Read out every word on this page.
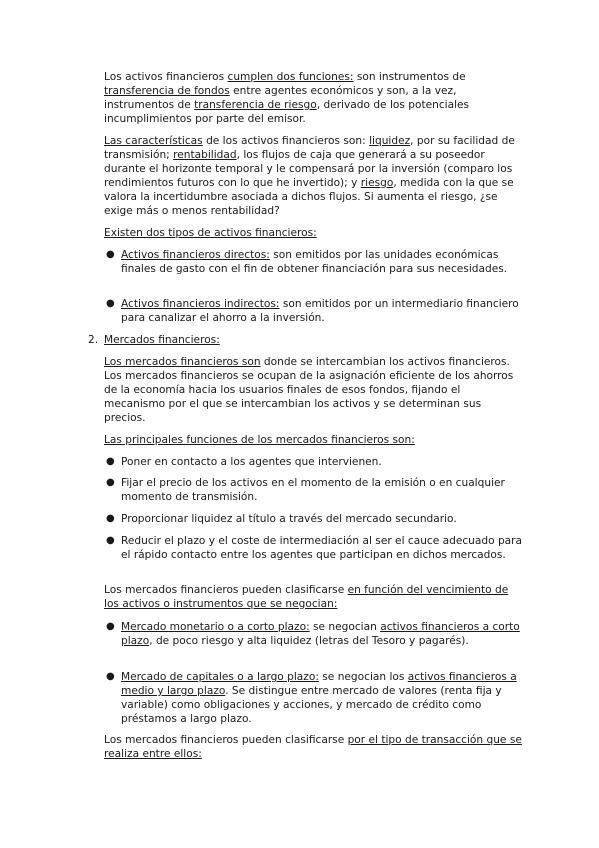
Los activos financieros cumplen dos funciones: son instrumentos de transferencia de fondos entre agentes económicos y son, a la vez, instrumentos de transferencia de riesgo, derivado de los potenciales incumplimientos por parte del emisor.

Las características de los activos financieros son: liquidez, por su facilidad de transmisión; rentabilidad, los flujos de caja que generará a su poseedor durante el horizonte temporal y le compensará por la inversión (comparo los rendimientos futuros con lo que he invertido); y riesgo, medida con la que se valora la incertidumbre asociada a dichos flujos. Si aumenta el riesgo, ¿se exige más o menos rentabilidad?

Existen dos tipos de activos financieros:

● Activos financieros directos: son emitidos por las unidades económicas finales de gasto con el fin de obtener financiación para sus necesidades.

● Activos financieros indirectos: son emitidos por un intermediario financiero para canalizar el ahorro a la inversión.

2. Mercados financieros:

Los mercados financieros son donde se intercambian los activos financieros. Los mercados financieros se ocupan de la asignación eficiente de los ahorros de la economía hacia los usuarios finales de esos fondos, fijando el mecanismo por el que se intercambian los activos y se determinan sus precios.

Las principales funciones de los mercados financieros son:

● Poner en contacto a los agentes que intervienen.

● Fijar el precio de los activos en el momento de la emisión o en cualquier momento de transmisión.

● Proporcionar liquidez al título a través del mercado secundario.

● Reducir el plazo y el coste de intermediación al ser el cauce adecuado para el rápido contacto entre los agentes que participan en dichos mercados.

Los mercados financieros pueden clasificarse en función del vencimiento de los activos o instrumentos que se negocian:

● Mercado monetario o a corto plazo: se negocian activos financieros a corto plazo, de poco riesgo y alta liquidez (letras del Tesoro y pagarés).

● Mercado de capitales o a largo plazo: se negocian los activos financieros a medio y largo plazo. Se distingue entre mercado de valores (renta fija y variable) como obligaciones y acciones, y mercado de crédito como préstamos a largo plazo.

Los mercados financieros pueden clasificarse por el tipo de transacción que se realiza entre ellos:
